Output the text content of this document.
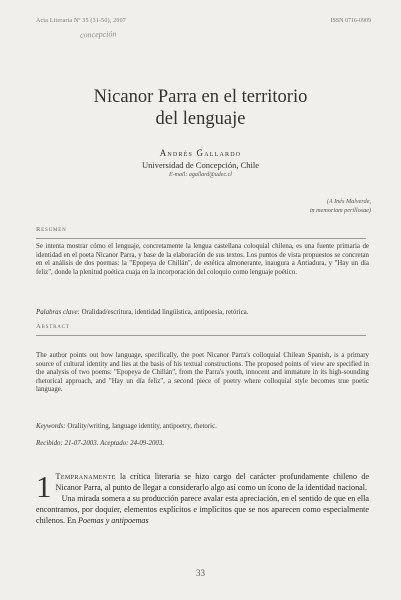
Acta Literaria Nº 35 (31-50), 2007	ISSN 0716-0909
concepción
Nicanor Parra en el territorio
del lenguaje
Andrés Gallardo
Universidad de Concepción, Chile
E-mail: agallard@udec.cl
(A Inés Malverde,
in memoriam perillosae)
Resumen
Se intenta mostrar cómo el lenguaje, concretamente la lengua castellana coloquial chilena, es una fuente primaria de identidad en el poeta Nicanor Parra, y base de la elaboración de sus textos. Los puntos de vista propuestos se concretan en el análisis de dos poemas: la "Epopeya de Chillán", de estética almonerante, inaugura a Antiadura, y "Hay un día feliz", donde la plenitud poética cuaja en la incorporación del coloquio como lenguaje poético.
Palabras clave: Oralidad/escritura, identidad lingüística, antipoesía, retórica.
Abstract
The author points out how language, specifically, the poet Nicanor Parra's colloquial Chilean Spanish, is a primary source of cultural identity and lies at the basis of his textual constructions. The proposed points of view are specified in the analysis of two poems: "Epopeya de Chillán", from the Parra's youth, innocent and immature in its high-sounding rhetorical approach, and "Hay un día feliz", a second piece of poetry where colloquial style becomes true poetic language.
Keywords: Orality/writing, language identity, antipoetry, rhetoric.
Recibido: 21-07-2003. Aceptado: 24-09-2003.
1 Tempranamente la crítica literaria se hizo cargo del carácter profundamente chileno de Nicanor Parra, al punto de llegar a considerarlo algo así como un ícono de la identidad nacional.
Una mirada somera a su producción parece avalar esta apreciación, en el sentido de que en ella encontramos, por doquier, elementos explícitos e implícitos que se nos aparecen como especialmente chilenos. En Poemas y antipoemas
33
